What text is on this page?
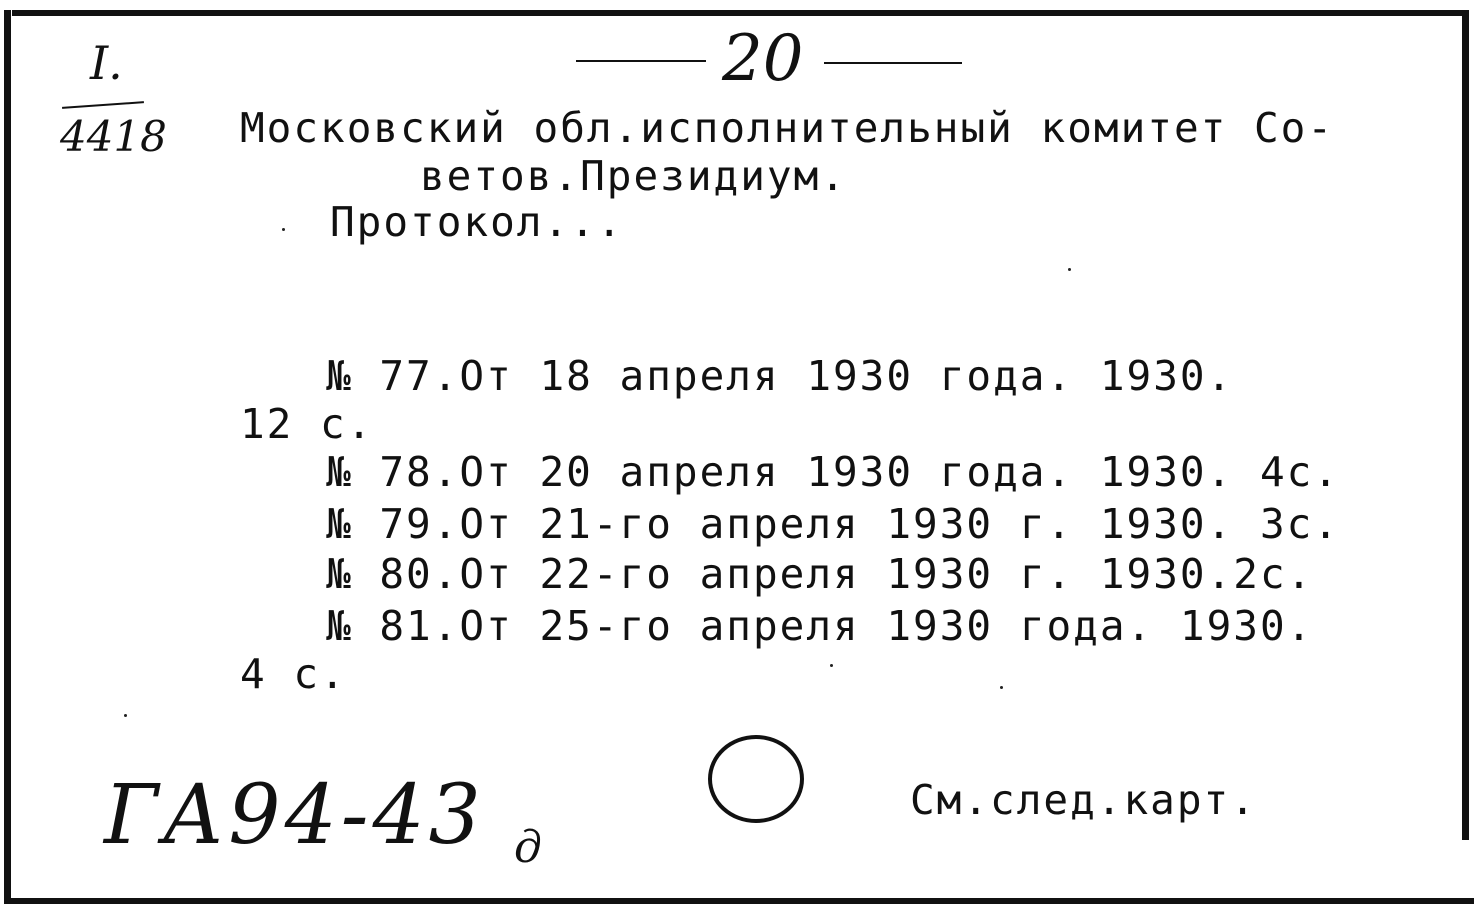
I.
4418
20
Московский обл.исполнительный комитет Со-
ветов.Президиум.
Протокол...
№ 77.От 18 апреля 1930 года. 1930.
12 с.
№ 78.От 20 апреля 1930 года. 1930. 4с.
№ 79.От 21-го апреля 1930 г. 1930. 3с.
№ 80.От 22-го апреля 1930 г. 1930.2с.
№ 81.От 25-го апреля 1930 года. 1930.
4 с.
См.след.карт.
ГА94-43 д
